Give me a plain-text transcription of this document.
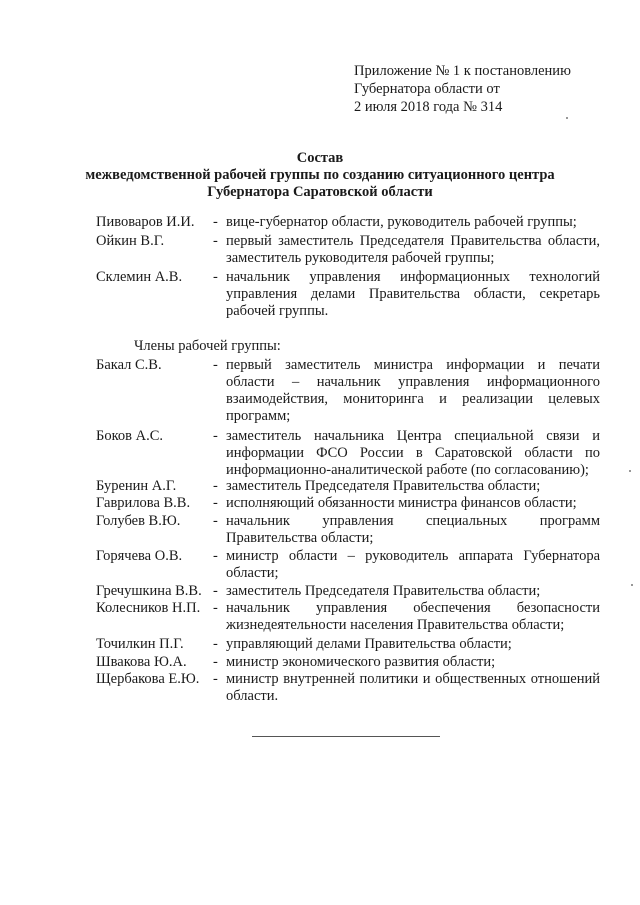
Приложение № 1 к постановлению
Губернатора области от
2 июля 2018 года № 314
Состав
межведомственной рабочей группы по созданию ситуационного центра
Губернатора Саратовской области
Пивоваров И.И. - вице-губернатор области, руководитель рабочей группы;
Ойкин В.Г.	- первый заместитель Председателя Правительства области, заместитель руководителя рабочей группы;
Склемин А.В. - начальник управления информационных технологий управления делами Правительства области, секретарь рабочей группы.
Члены рабочей группы:
Бакал С.В.	- первый заместитель министра информации и печати области – начальник управления информационного взаимодействия, мониторинга и реализации целевых программ;
Боков А.С.	- заместитель начальника Центра специальной связи и информации ФСО России в Саратовской области по информационно-аналитической работе (по согласованию);
Буренин А.Г.	- заместитель Председателя Правительства области;
Гаврилова В.В. - исполняющий обязанности министра финансов области;
Голубев В.Ю. - начальник управления специальных программ Правительства области;
Горячева О.В. - министр области – руководитель аппарата Губернатора области;
Гречушкина В.В. - заместитель Председателя Правительства области;
Колесников Н.П. - начальник управления обеспечения безопасности жизнедеятельности населения Правительства области;
Точилкин П.Г. - управляющий делами Правительства области;
Швакова Ю.А. - министр экономического развития области;
Щербакова Е.Ю. - министр внутренней политики и общественных отношений области.
